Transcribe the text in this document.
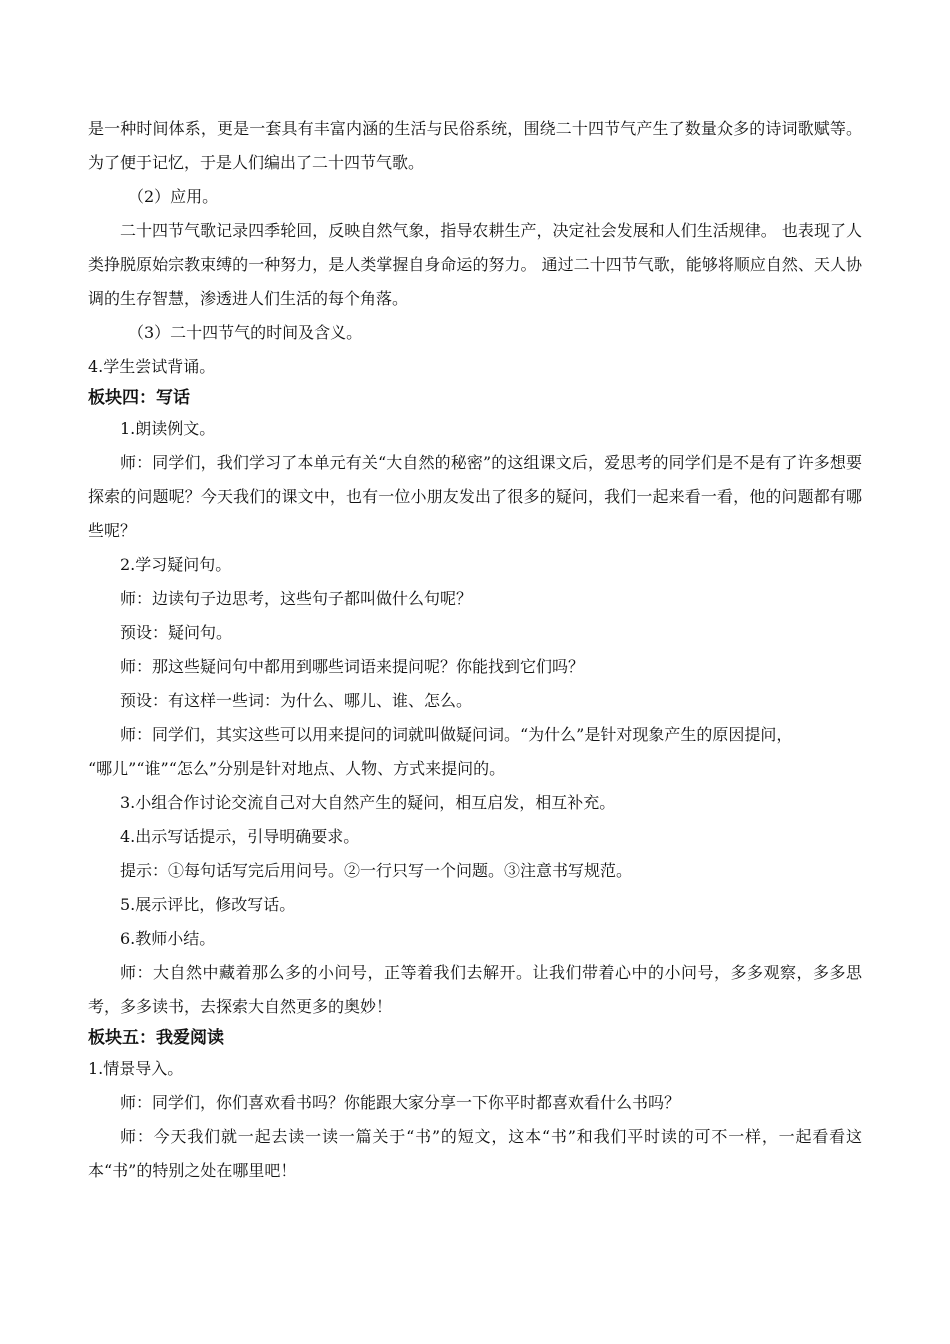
是一种时间体系，更是一套具有丰富内涵的生活与民俗系统，围绕二十四节气产生了数量众多的诗词歌赋等。为了便于记忆，于是人们编出了二十四节气歌。

（2）应用。

二十四节气歌记录四季轮回，反映自然气象，指导农耕生产，决定社会发展和人们生活规律。 也表现了人类挣脱原始宗教束缚的一种努力，是人类掌握自身命运的努力。 通过二十四节气歌，能够将顺应自然、天人协调的生存智慧，渗透进人们生活的每个角落。

（3）二十四节气的时间及含义。

4.学生尝试背诵。

板块四：写话

1.朗读例文。

师：同学们，我们学习了本单元有关“大自然的秘密”的这组课文后，爱思考的同学们是不是有了许多想要探索的问题呢？今天我们的课文中，也有一位小朋友发出了很多的疑问，我们一起来看一看，他的问题都有哪些呢？

2.学习疑问句。

师：边读句子边思考，这些句子都叫做什么句呢？

预设：疑问句。

师：那这些疑问句中都用到哪些词语来提问呢？你能找到它们吗？

预设：有这样一些词：为什么、哪儿、谁、怎么。

师：同学们，其实这些可以用来提问的词就叫做疑问词。“为什么”是针对现象产生的原因提问，

“哪儿”“谁”“怎么”分别是针对地点、人物、方式来提问的。

3.小组合作讨论交流自己对大自然产生的疑问，相互启发，相互补充。

4.出示写话提示，引导明确要求。

提示：①每句话写完后用问号。②一行只写一个问题。③注意书写规范。

5.展示评比，修改写话。

6.教师小结。

师：大自然中藏着那么多的小问号，正等着我们去解开。让我们带着心中的小问号，多多观察，多多思考，多多读书，去探索大自然更多的奥妙！

板块五：我爱阅读

1.情景导入。

师：同学们，你们喜欢看书吗？你能跟大家分享一下你平时都喜欢看什么书吗？

师：今天我们就一起去读一读一篇关于“书”的短文，这本“书”和我们平时读的可不一样，一起看看这本“书”的特别之处在哪里吧！
